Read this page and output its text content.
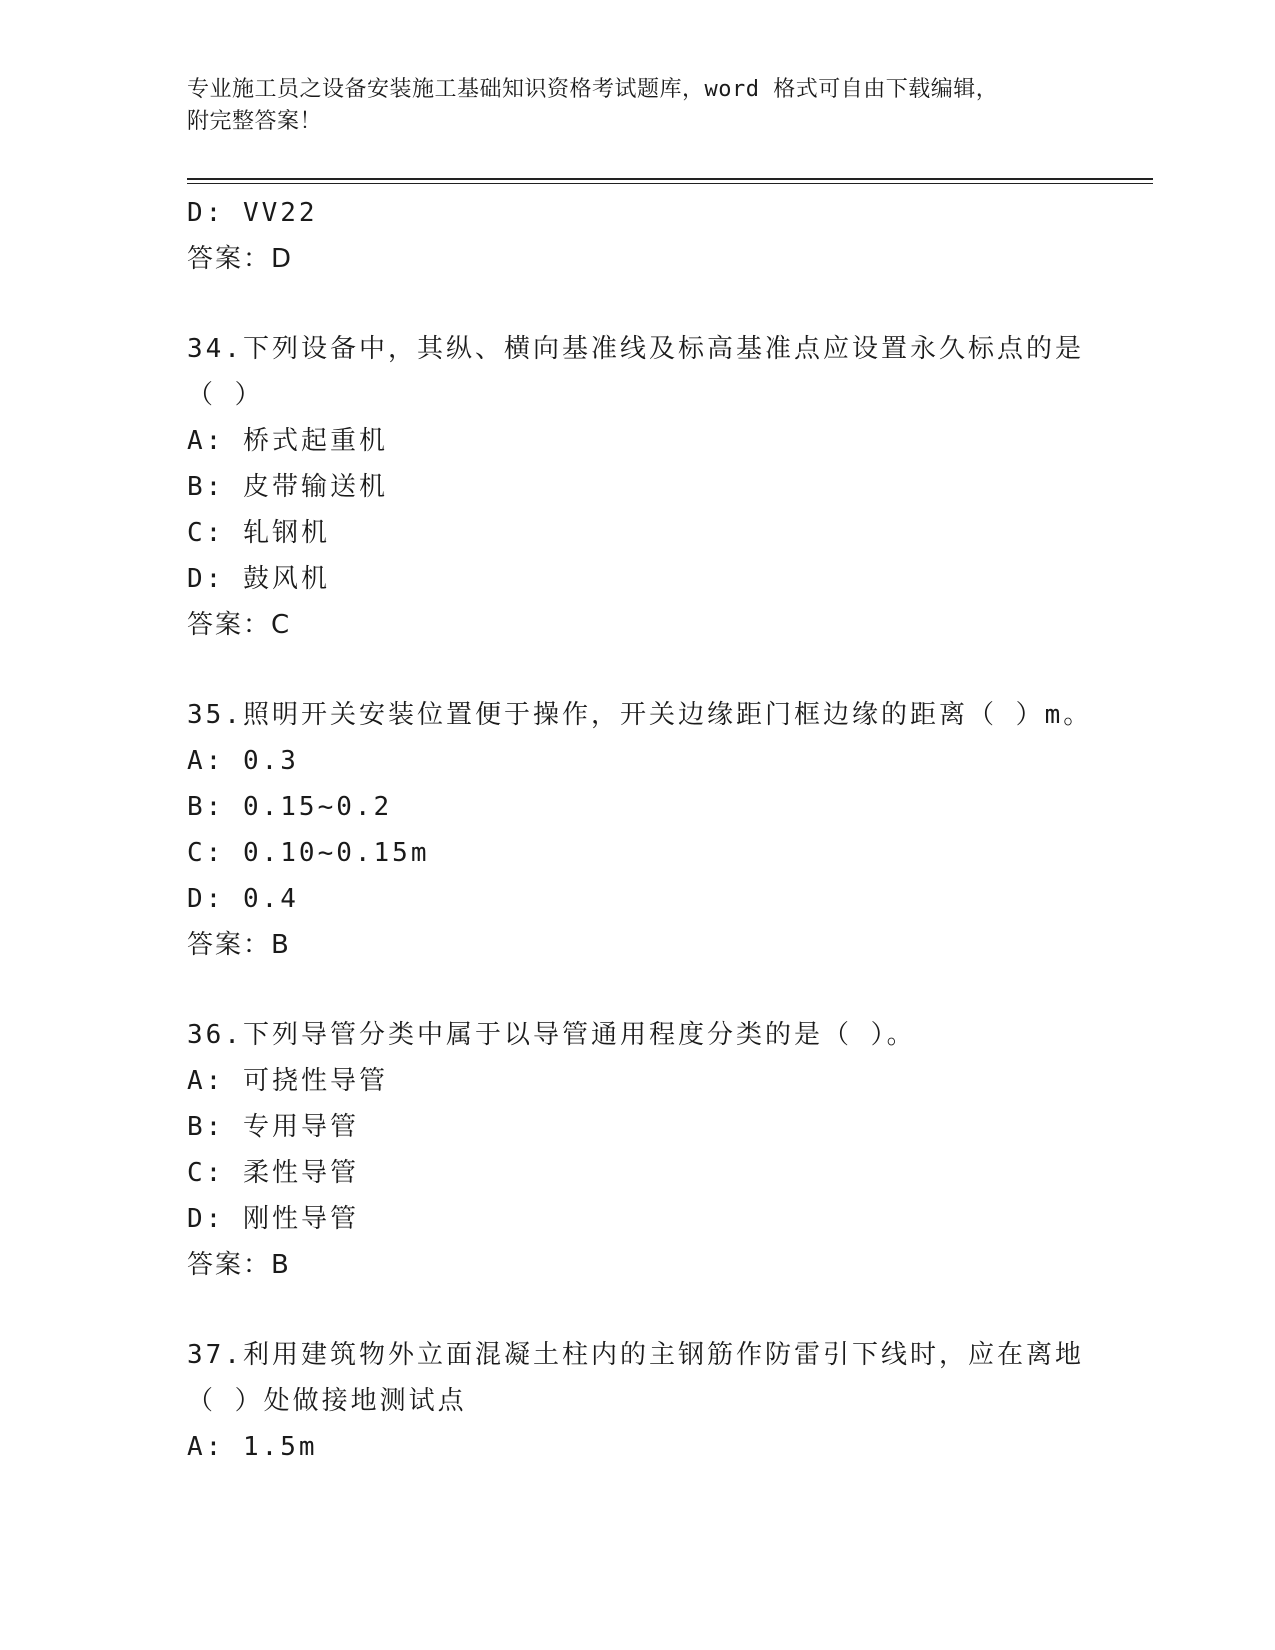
专业施工员之设备安装施工基础知识资格考试题库，word 格式可自由下载编辑，
附完整答案！
D: VV22
答案：D
34.下列设备中，其纵、横向基准线及标高基准点应设置永久标点的是
（ ）
A: 桥式起重机
B: 皮带输送机
C: 轧钢机
D: 鼓风机
答案：C
35.照明开关安装位置便于操作，开关边缘距门框边缘的距离（ ）m。
A: 0.3
B: 0.15~0.2
C: 0.10~0.15m
D: 0.4
答案：B
36.下列导管分类中属于以导管通用程度分类的是（ ）。
A: 可挠性导管
B: 专用导管
C: 柔性导管
D: 刚性导管
答案：B
37.利用建筑物外立面混凝土柱内的主钢筋作防雷引下线时，应在离地
（ ）处做接地测试点
A: 1.5m
